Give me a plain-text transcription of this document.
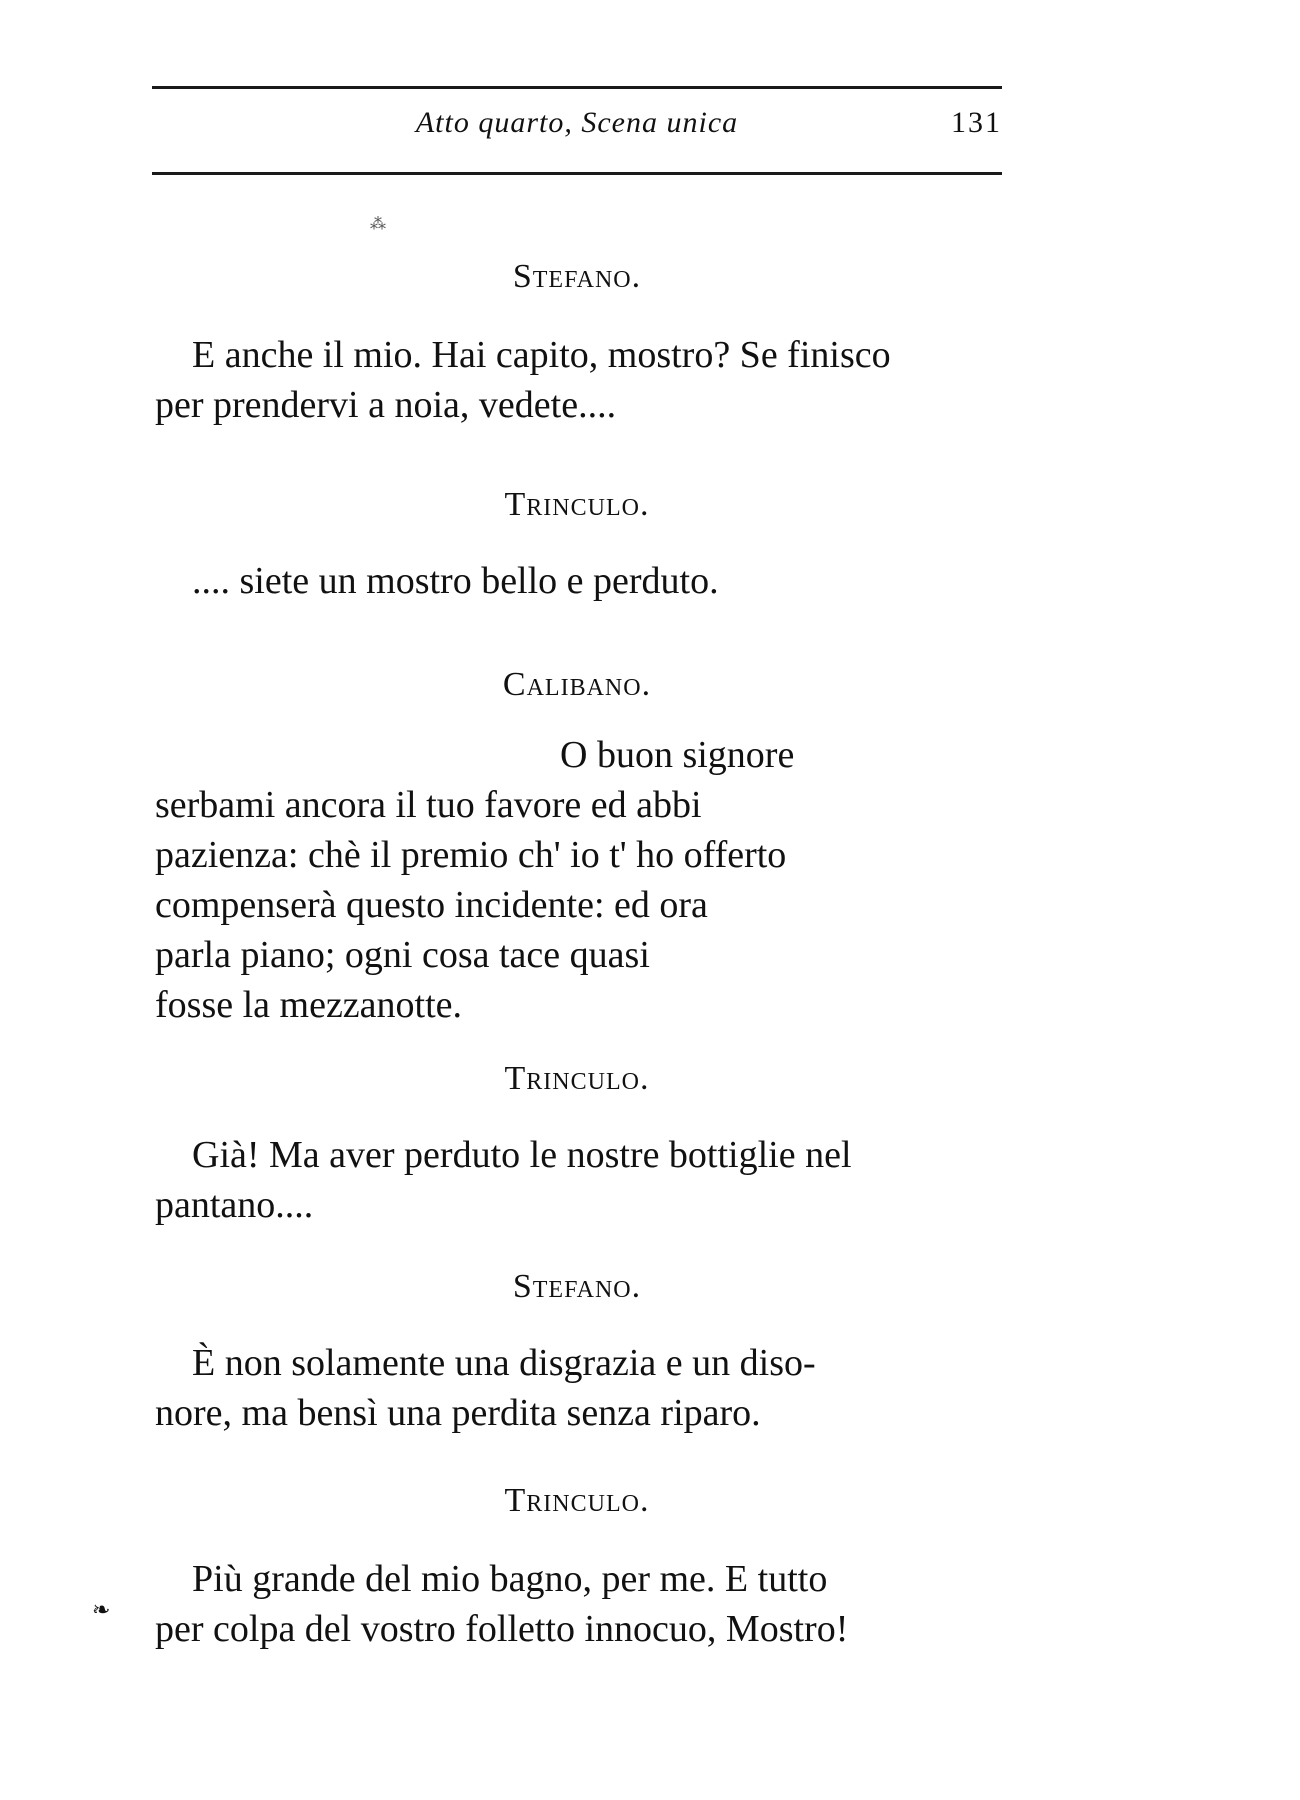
Atto quarto, Scena unica	131
⁂
Stefano.

E anche il mio. Hai capito, mostro? Se finisco

per prendervi a noia, vedete....

Trinculo.

.... siete un mostro bello e perduto.

Calibano.

O buon signore

serbami ancora il tuo favore ed abbi

pazienza: chè il premio ch' io t' ho offerto

compenserà questo incidente: ed ora

parla piano; ogni cosa tace quasi

fosse la mezzanotte.

Trinculo.

Già! Ma aver perduto le nostre bottiglie nel

pantano....

Stefano.

È non solamente una disgrazia e un diso-

nore, ma bensì una perdita senza riparo.

Trinculo.

Più grande del mio bagno, per me. E tutto

per colpa del vostro folletto innocuo, Mostro!

❧
